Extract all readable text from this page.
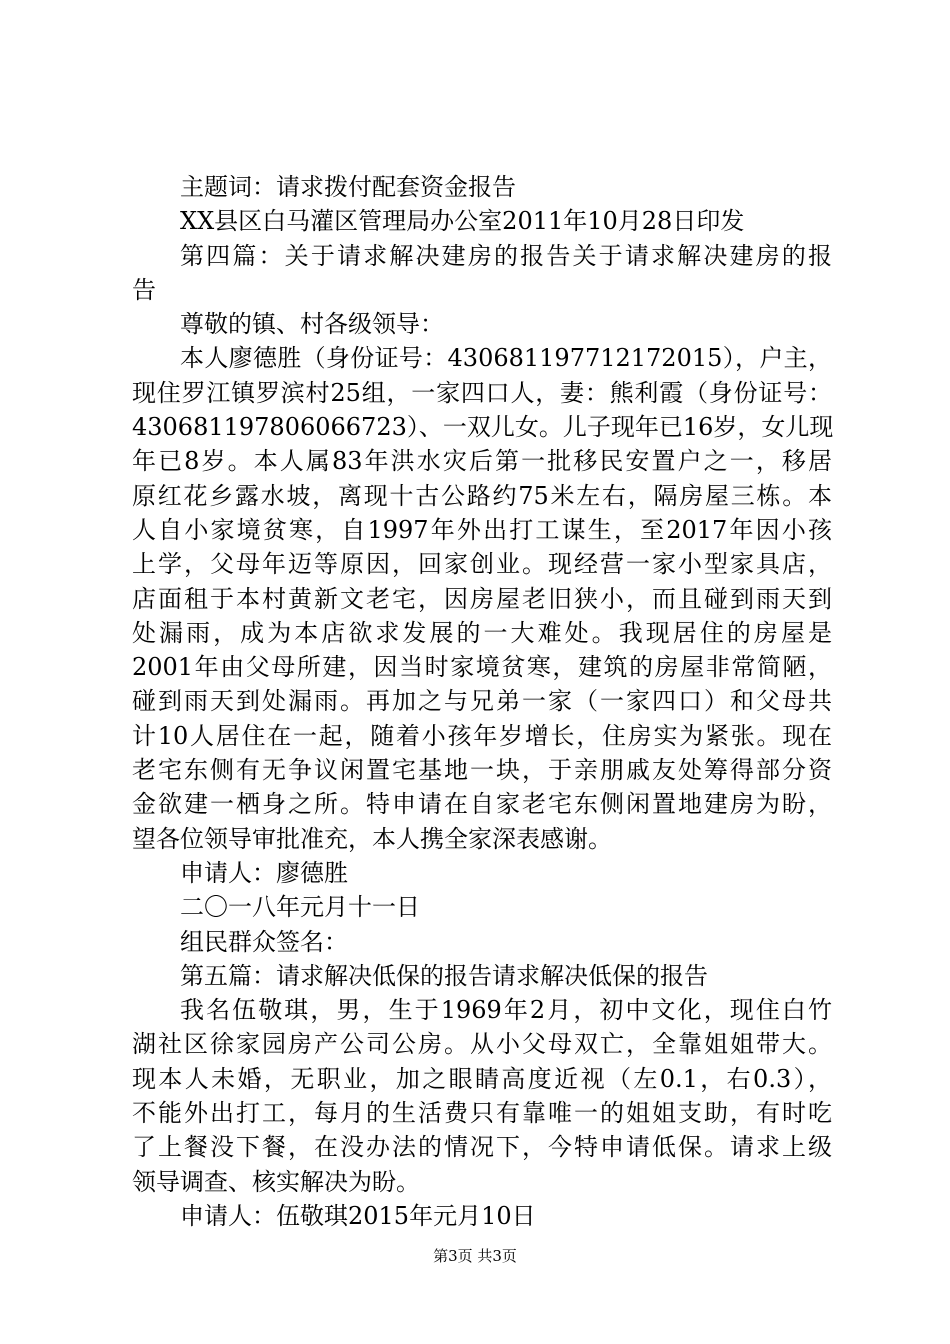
主题词：请求拨付配套资金报告
XX县区白马灌区管理局办公室2011年10月28日印发
第四篇：关于请求解决建房的报告关于请求解决建房的报
告
尊敬的镇、村各级领导：
本人廖德胜（身份证号：430681197712172015），户主，
现住罗江镇罗滨村25组，一家四口人，妻：熊利霞（身份证号：
430681197806066723）、一双儿女。儿子现年已16岁，女儿现
年已8岁。本人属83年洪水灾后第一批移民安置户之一，移居
原红花乡露水坡，离现十古公路约75米左右，隔房屋三栋。本
人自小家境贫寒，自1997年外出打工谋生，至2017年因小孩
上学，父母年迈等原因，回家创业。现经营一家小型家具店，
店面租于本村黄新文老宅，因房屋老旧狭小，而且碰到雨天到
处漏雨，成为本店欲求发展的一大难处。我现居住的房屋是
2001年由父母所建，因当时家境贫寒，建筑的房屋非常简陋，
碰到雨天到处漏雨。再加之与兄弟一家（一家四口）和父母共
计10人居住在一起，随着小孩年岁增长，住房实为紧张。现在
老宅东侧有无争议闲置宅基地一块，于亲朋戚友处筹得部分资
金欲建一栖身之所。特申请在自家老宅东侧闲置地建房为盼，
望各位领导审批准充，本人携全家深表感谢。
申请人：廖德胜
二〇一八年元月十一日
组民群众签名：
第五篇：请求解决低保的报告请求解决低保的报告
我名伍敬琪，男，生于1969年2月，初中文化，现住白竹
湖社区徐家园房产公司公房。从小父母双亡，全靠姐姐带大。
现本人未婚，无职业，加之眼睛高度近视（左0.1，右0.3），
不能外出打工，每月的生活费只有靠唯一的姐姐支助，有时吃
了上餐没下餐，在没办法的情况下，今特申请低保。请求上级
领导调查、核实解决为盼。
申请人：伍敬琪2015年元月10日
第3页 共3页
